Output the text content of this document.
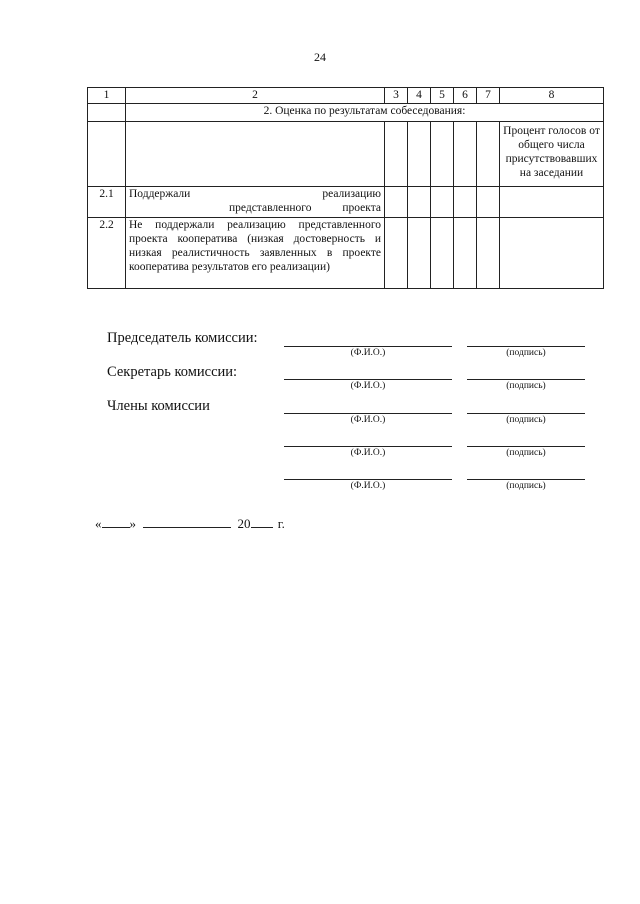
24
1	2	3	4	5	6	7	8
	2. Оценка по результатам собеседования:						
							Процент голосов от общего числа присутствовавших на заседании
2.1	Поддержали реализацию
представленного проекта						

2.2	Не поддержали реализацию представленного проекта кооператива (низкая достоверность и низкая реалистичность заявленных в проекте кооператива результатов его реализации)						
Председатель комиссии:
(Ф.И.О.)	(подпись)
Секретарь комиссии:
(Ф.И.О.)	(подпись)
Члены комиссии
(Ф.И.О.)	(подпись)
(Ф.И.О.)	(подпись)
(Ф.И.О.)	(подпись)
« »	20 г.
